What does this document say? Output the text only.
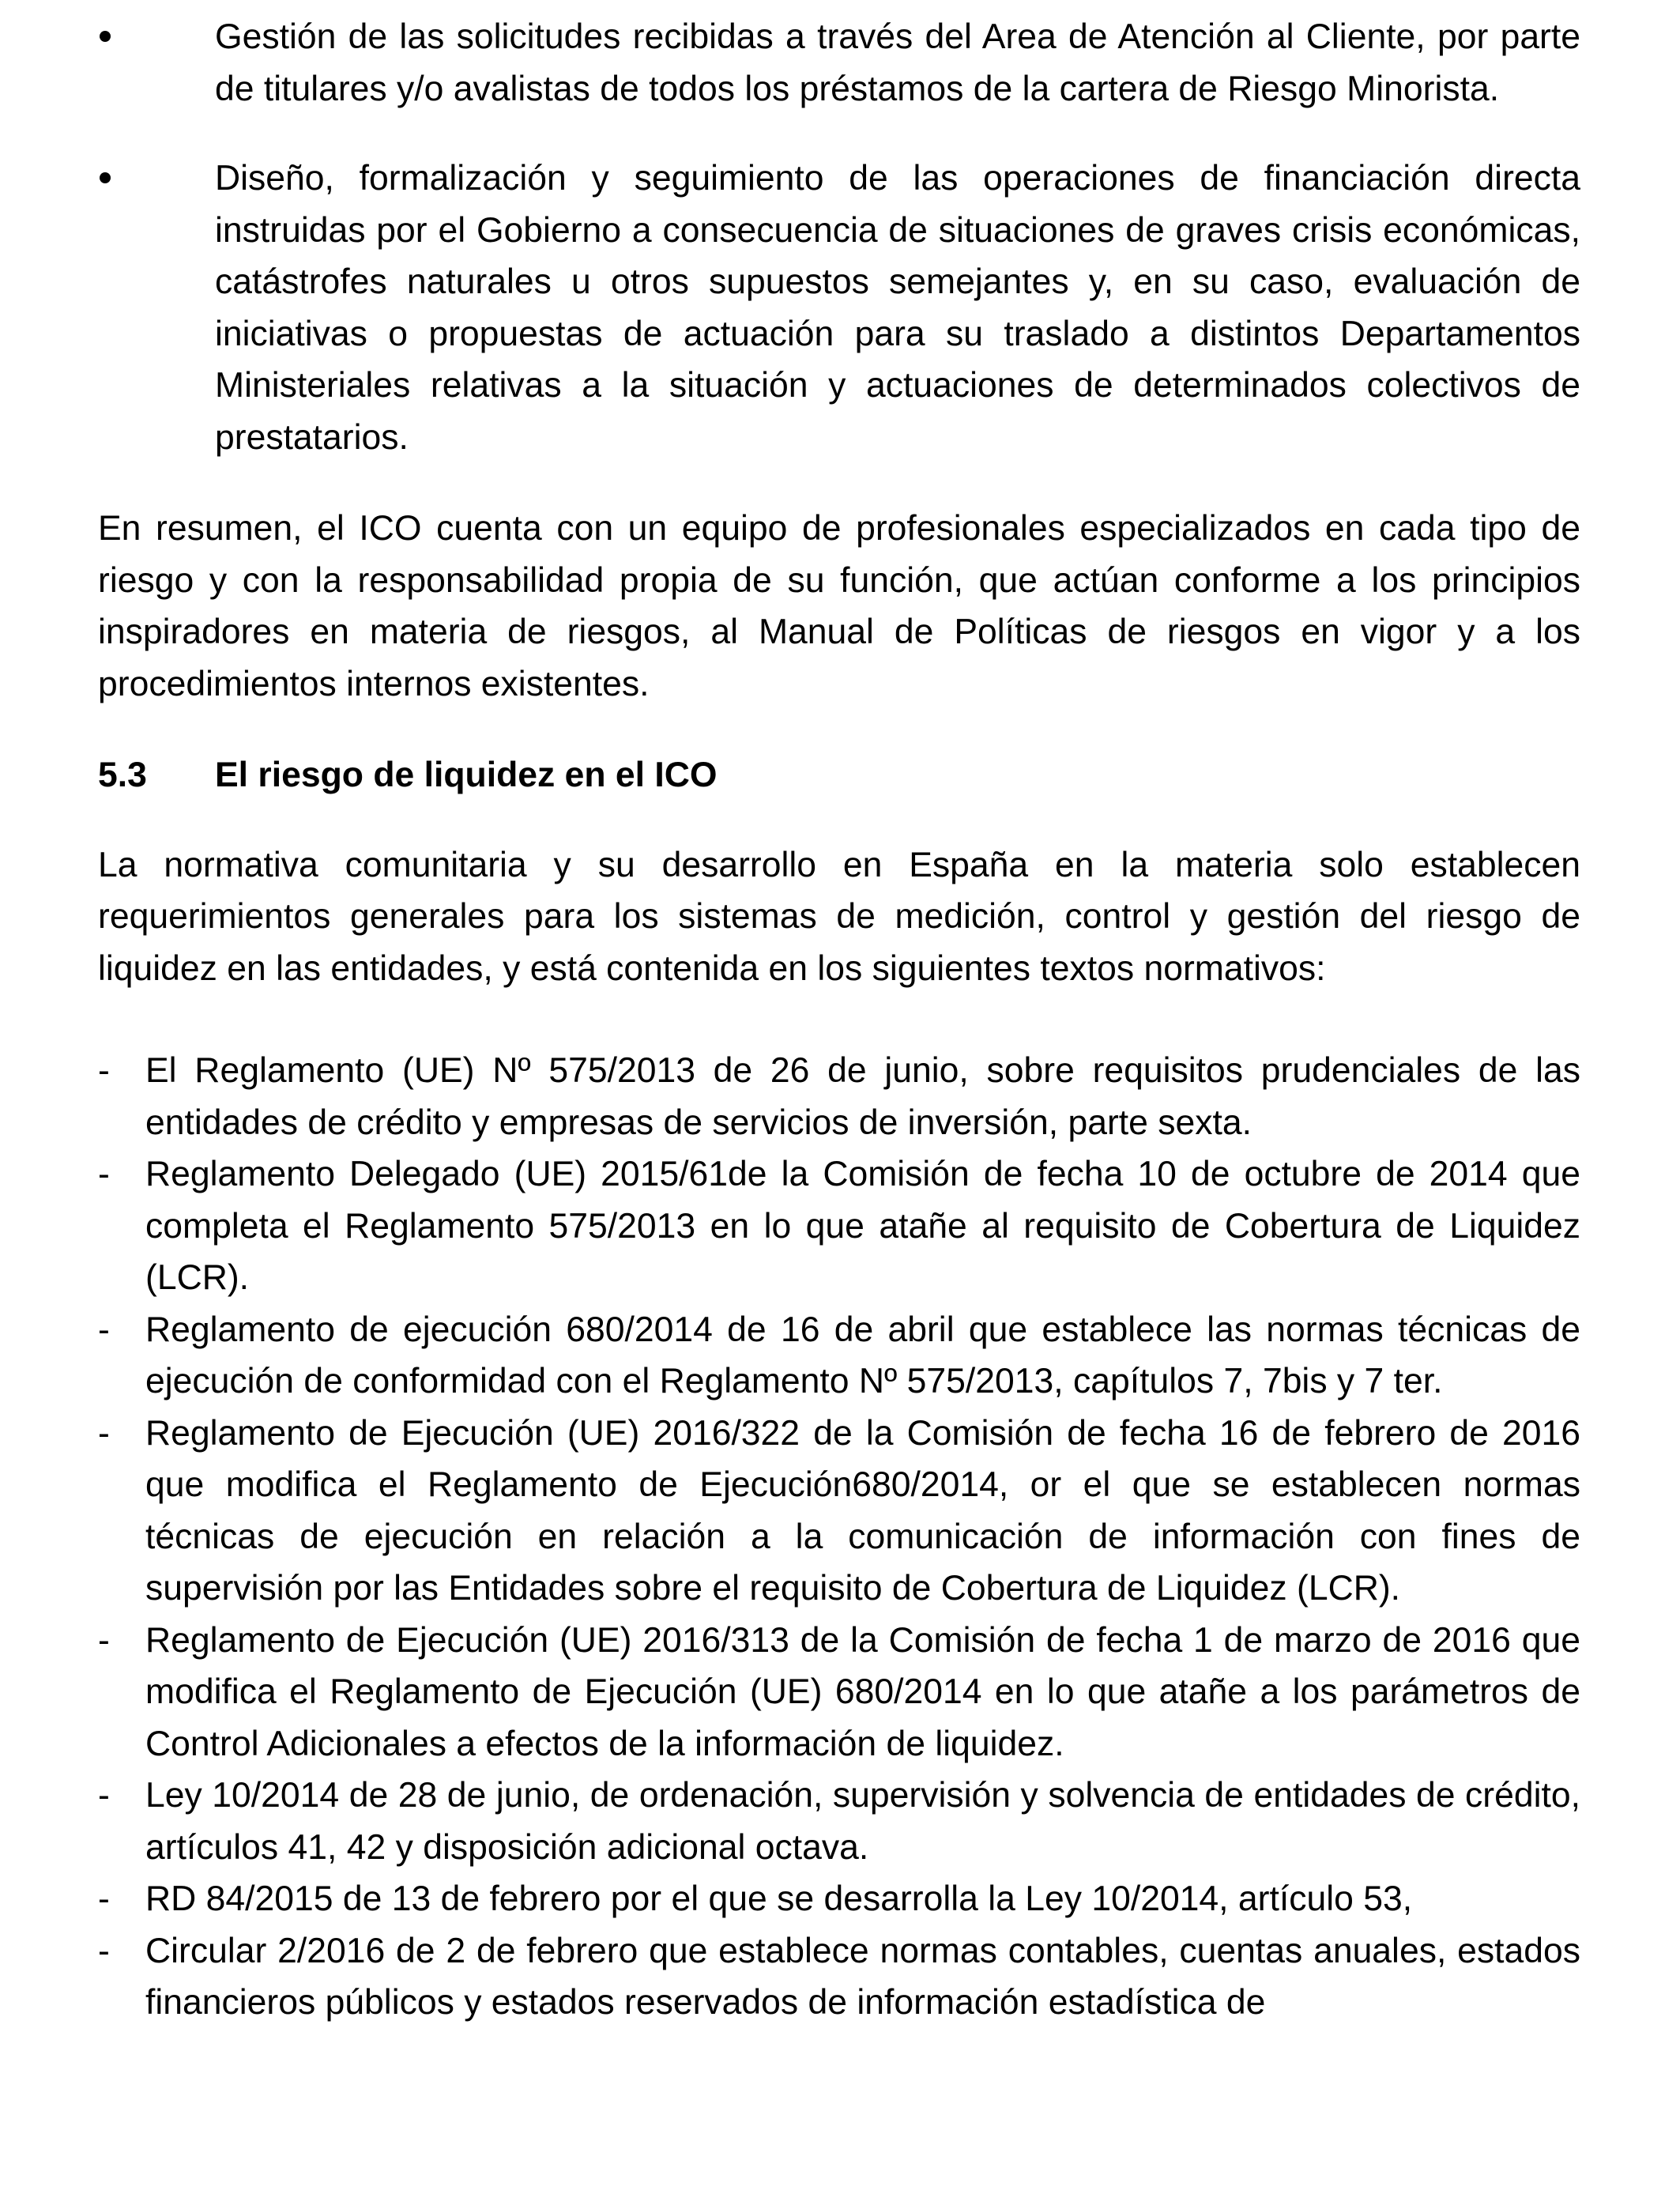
Gestión de las solicitudes recibidas a través del Area de Atención al Cliente, por parte de titulares y/o avalistas de todos los préstamos de la cartera de Riesgo Minorista.
Diseño, formalización y seguimiento de las operaciones de financiación directa instruidas por el Gobierno a consecuencia de situaciones de graves crisis económicas, catástrofes naturales u otros supuestos semejantes y, en su caso, evaluación de iniciativas o propuestas de actuación para su traslado a distintos Departamentos Ministeriales relativas a la situación y actuaciones de determinados colectivos de prestatarios.

En resumen, el ICO cuenta con un equipo de profesionales especializados en cada tipo de riesgo y con la responsabilidad propia de su función, que actúan conforme a los principios inspiradores en materia de riesgos, al Manual de Políticas de riesgos en vigor y a los procedimientos internos existentes.

5.3 El riesgo de liquidez en el ICO

La normativa comunitaria y su desarrollo en España en la materia solo establecen requerimientos generales para los sistemas de medición, control y gestión del riesgo de liquidez en las entidades, y está contenida en los siguientes textos normativos:

- El Reglamento (UE) Nº 575/2013 de 26 de junio, sobre requisitos prudenciales de las entidades de crédito y empresas de servicios de inversión, parte sexta.
- Reglamento Delegado (UE) 2015/61de la Comisión de fecha 10 de octubre de 2014 que completa el Reglamento 575/2013 en lo que atañe al requisito de Cobertura de Liquidez (LCR).
- Reglamento de ejecución 680/2014 de 16 de abril que establece las normas técnicas de ejecución de conformidad con el Reglamento Nº 575/2013, capítulos 7, 7bis y 7 ter.
- Reglamento de Ejecución (UE) 2016/322 de la Comisión de fecha 16 de febrero de 2016 que modifica el Reglamento de Ejecución680/2014, or el que se establecen normas técnicas de ejecución en relación a la comunicación de información con fines de supervisión por las Entidades sobre el requisito de Cobertura de Liquidez (LCR).
- Reglamento de Ejecución (UE) 2016/313 de la Comisión de fecha 1 de marzo de 2016 que modifica el Reglamento de Ejecución (UE) 680/2014 en lo que atañe a los parámetros de Control Adicionales a efectos de la información de liquidez.
- Ley 10/2014 de 28 de junio, de ordenación, supervisión y solvencia de entidades de crédito, artículos 41, 42 y disposición adicional octava.
- RD 84/2015 de 13 de febrero por el que se desarrolla la Ley 10/2014, artículo 53,
- Circular 2/2016 de 2 de febrero que establece normas contables, cuentas anuales, estados financieros públicos y estados reservados de información estadística de
